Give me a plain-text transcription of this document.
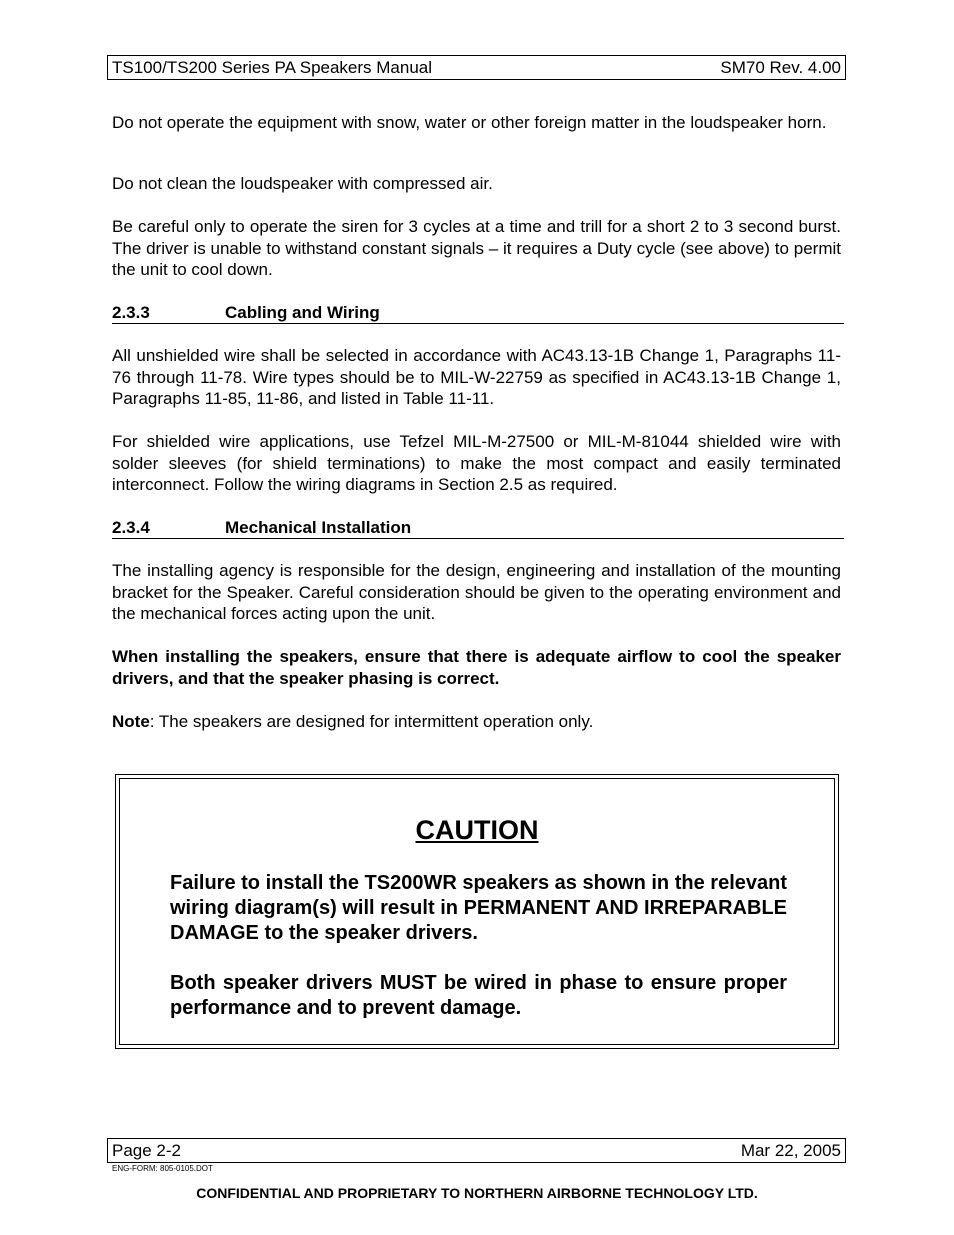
TS100/TS200 Series PA Speakers Manual	SM70 Rev. 4.00

Do not operate the equipment with snow, water or other foreign matter in the loudspeaker horn.

Do not clean the loudspeaker with compressed air.

Be careful only to operate the siren for 3 cycles at a time and trill for a short 2 to 3 second burst. The driver is unable to withstand constant signals – it requires a Duty cycle (see above) to permit the unit to cool down.

2.3.3	Cabling and Wiring

All unshielded wire shall be selected in accordance with AC43.13-1B Change 1, Paragraphs 11-76 through 11-78. Wire types should be to MIL-W-22759 as specified in AC43.13-1B Change 1, Paragraphs 11-85, 11-86, and listed in Table 11-11.

For shielded wire applications, use Tefzel MIL-M-27500 or MIL-M-81044 shielded wire with solder sleeves (for shield terminations) to make the most compact and easily terminated interconnect. Follow the wiring diagrams in Section 2.5 as required.

2.3.4	Mechanical Installation

The installing agency is responsible for the design, engineering and installation of the mounting bracket for the Speaker. Careful consideration should be given to the operating environment and the mechanical forces acting upon the unit.

When installing the speakers, ensure that there is adequate airflow to cool the speaker drivers, and that the speaker phasing is correct.

Note: The speakers are designed for intermittent operation only.

CAUTION

Failure to install the TS200WR speakers as shown in the relevant wiring diagram(s) will result in PERMANENT AND IRREPARABLE DAMAGE to the speaker drivers.

Both speaker drivers MUST be wired in phase to ensure proper performance and to prevent damage.

Page 2-2	Mar 22, 2005
ENG-FORM: 805-0105.DOT
CONFIDENTIAL AND PROPRIETARY TO NORTHERN AIRBORNE TECHNOLOGY LTD.
